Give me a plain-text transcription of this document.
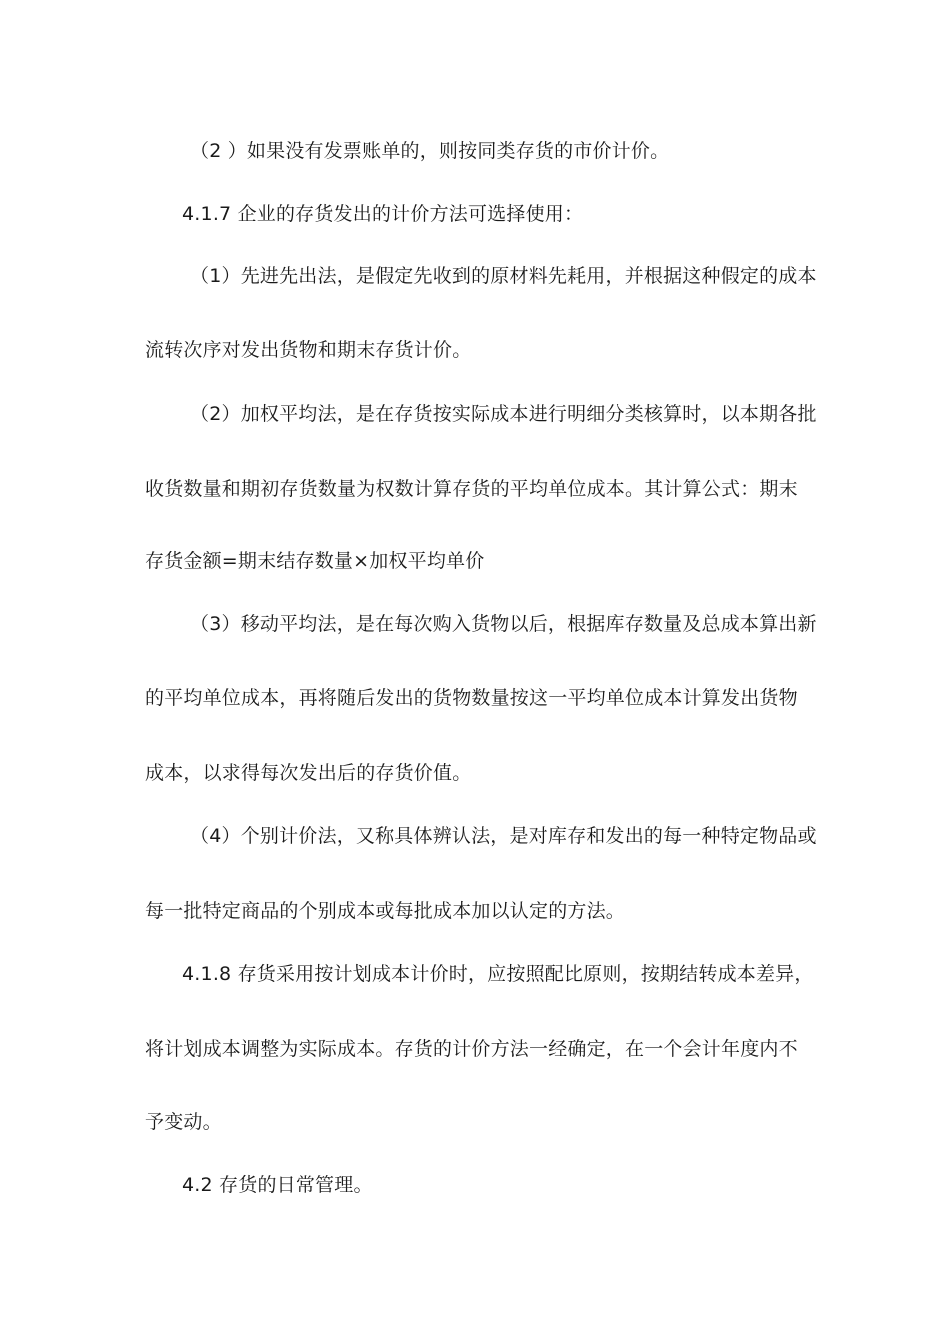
（2 ）如果没有发票账单的，则按同类存货的市价计价。
4.1.7 企业的存货发出的计价方法可选择使用：
（1）先进先出法，是假定先收到的原材料先耗用，并根据这种假定的成本
流转次序对发出货物和期末存货计价。
（2）加权平均法，是在存货按实际成本进行明细分类核算时，以本期各批
收货数量和期初存货数量为权数计算存货的平均单位成本。其计算公式：期末
存货金额=期末结存数量×加权平均单价
（3）移动平均法，是在每次购入货物以后，根据库存数量及总成本算出新
的平均单位成本，再将随后发出的货物数量按这一平均单位成本计算发出货物
成本，以求得每次发出后的存货价值。
（4）个别计价法，又称具体辨认法，是对库存和发出的每一种特定物品或
每一批特定商品的个别成本或每批成本加以认定的方法。
4.1.8 存货采用按计划成本计价时，应按照配比原则，按期结转成本差异，
将计划成本调整为实际成本。存货的计价方法一经确定，在一个会计年度内不
予变动。
4.2 存货的日常管理。
